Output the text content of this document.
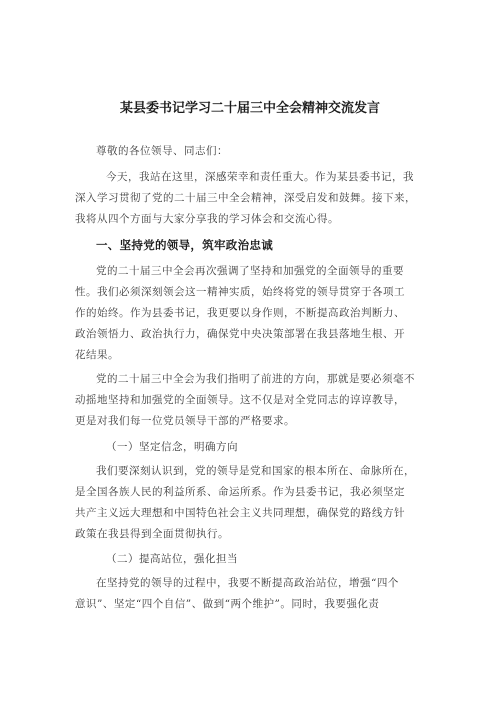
某县委书记学习二十届三中全会精神交流发言
尊敬的各位领导、同志们：
今天，我站在这里，深感荣幸和责任重大。作为某县委书记，我
深入学习贯彻了党的二十届三中全会精神，深受启发和鼓舞。接下来，
我将从四个方面与大家分享我的学习体会和交流心得。
一、坚持党的领导，筑牢政治忠诚
党的二十届三中全会再次强调了坚持和加强党的全面领导的重要
性。我们必须深刻领会这一精神实质，始终将党的领导贯穿于各项工
作的始终。作为县委书记，我更要以身作则，不断提高政治判断力、
政治领悟力、政治执行力，确保党中央决策部署在我县落地生根、开
花结果。
党的二十届三中全会为我们指明了前进的方向，那就是要必须毫不
动摇地坚持和加强党的全面领导。这不仅是对全党同志的谆谆教导，
更是对我们每一位党员领导干部的严格要求。
（一）坚定信念，明确方向
我们要深刻认识到，党的领导是党和国家的根本所在、命脉所在，
是全国各族人民的利益所系、命运所系。作为县委书记，我必须坚定
共产主义远大理想和中国特色社会主义共同理想，确保党的路线方针
政策在我县得到全面贯彻执行。
（二）提高站位，强化担当
在坚持党的领导的过程中，我要不断提高政治站位，增强“四个
意识”、坚定“四个自信”、做到“两个维护”。同时，我要强化责
